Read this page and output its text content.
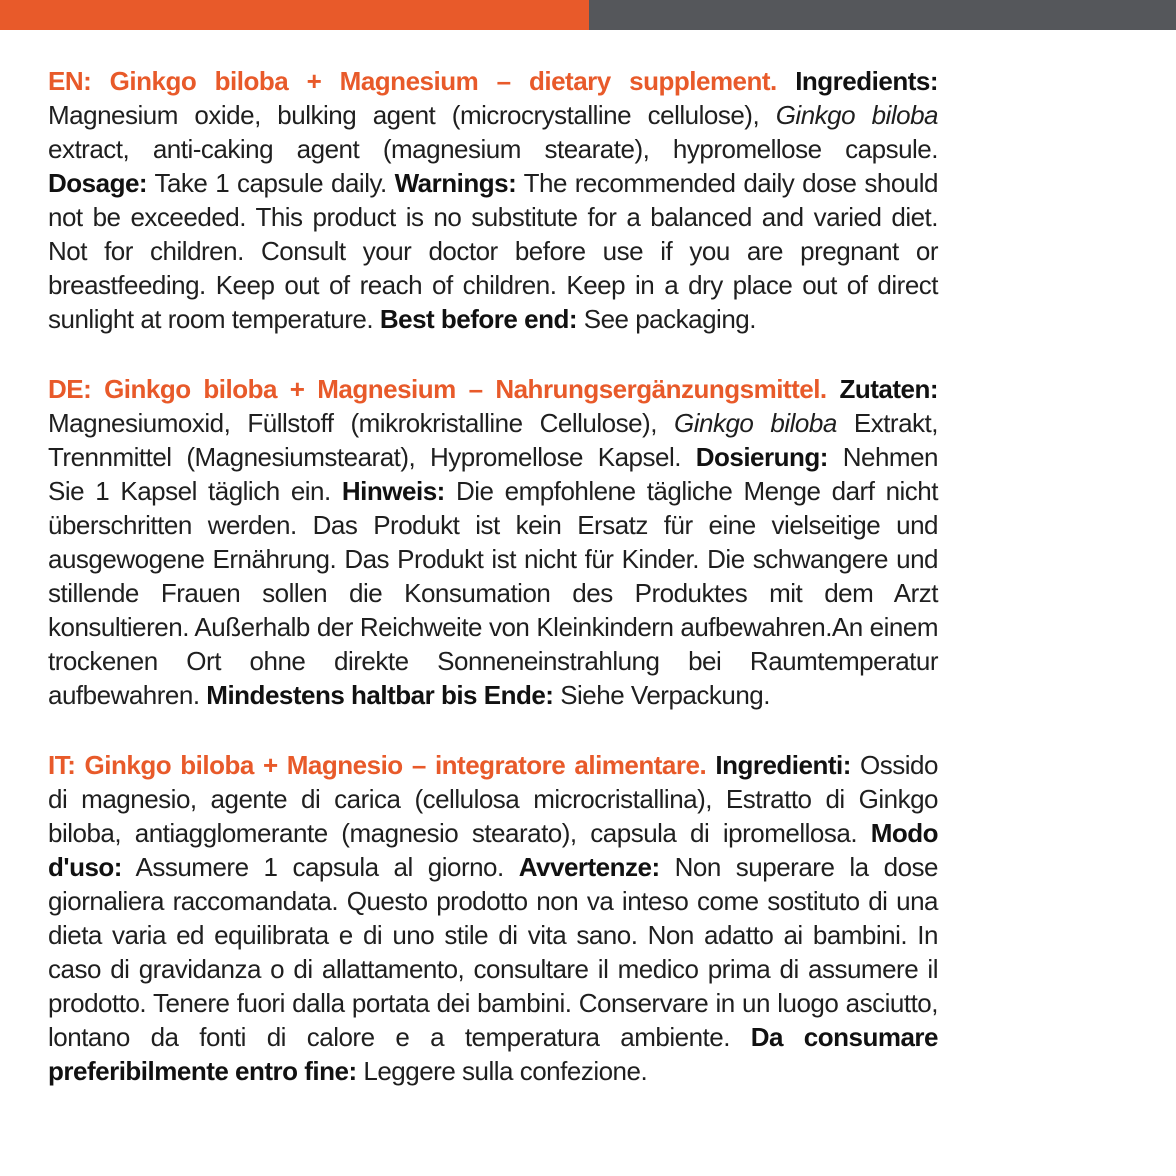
EN: Ginkgo biloba + Magnesium – dietary supplement. Ingredients: Magnesium oxide, bulking agent (microcrystalline cellulose), Ginkgo biloba extract, anti-caking agent (magnesium stearate), hypromellose capsule. Dosage: Take 1 capsule daily. Warnings: The recommended daily dose should not be exceeded. This product is no substitute for a balanced and varied diet. Not for children. Consult your doctor before use if you are pregnant or breastfeeding. Keep out of reach of children. Keep in a dry place out of direct sunlight at room temperature. Best before end: See packaging.

DE: Ginkgo biloba + Magnesium – Nahrungsergänzungsmittel. Zutaten: Magnesiumoxid, Füllstoff (mikrokristalline Cellulose), Ginkgo biloba Extrakt, Trennmittel (Magnesiumstearat), Hypromellose Kapsel. Dosierung: Nehmen Sie 1 Kapsel täglich ein. Hinweis: Die empfohlene tägliche Menge darf nicht überschritten werden. Das Produkt ist kein Ersatz für eine vielseitige und ausgewogene Ernährung. Das Produkt ist nicht für Kinder. Die schwangere und stillende Frauen sollen die Konsumation des Produktes mit dem Arzt konsultieren. Außerhalb der Reichweite von Kleinkindern aufbewahren.An einem trockenen Ort ohne direkte Sonneneinstrahlung bei Raumtemperatur aufbewahren. Mindestens haltbar bis Ende: Siehe Verpackung.

IT: Ginkgo biloba + Magnesio – integratore alimentare. Ingredienti: Ossido di magnesio, agente di carica (cellulosa microcristallina), Estratto di Ginkgo biloba, antiagglomerante (magnesio stearato), capsula di ipromellosa. Modo d'uso: Assumere 1 capsula al giorno. Avvertenze: Non superare la dose giornaliera raccomandata. Questo prodotto non va inteso come sostituto di una dieta varia ed equilibrata e di uno stile di vita sano. Non adatto ai bambini. In caso di gravidanza o di allattamento, consultare il medico prima di assumere il prodotto. Tenere fuori dalla portata dei bambini. Conservare in un luogo asciutto, lontano da fonti di calore e a temperatura ambiente. Da consumare preferibilmente entro fine: Leggere sulla confezione.
